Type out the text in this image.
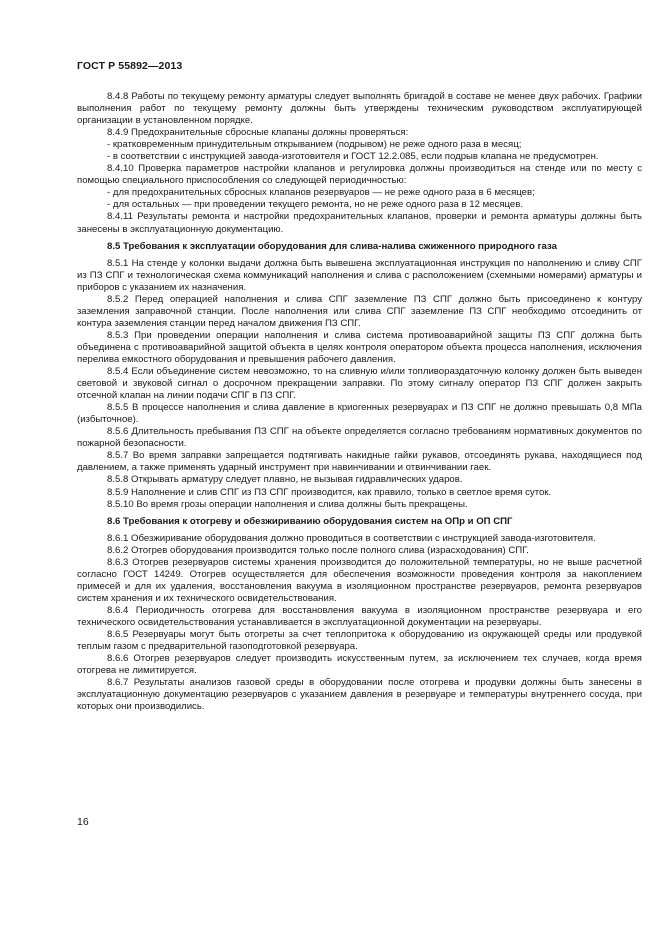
ГОСТ Р 55892—2013
8.4.8 Работы по текущему ремонту арматуры следует выполнять бригадой в составе не менее двух рабочих. Графики выполнения работ по текущему ремонту должны быть утверждены техническим руководством эксплуатирующей организации в установленном порядке.
8.4.9 Предохранительные сбросные клапаны должны проверяться:
- кратковременным принудительным открыванием (подрывом) не реже одного раза в месяц;
- в соответствии с инструкцией завода-изготовителя и ГОСТ 12.2.085, если подрыв клапана не предусмотрен.
8.4.10 Проверка параметров настройки клапанов и регулировка должны производиться на стенде или по месту с помощью специального приспособления со следующей периодичностью:
- для предохранительных сбросных клапанов резервуаров — не реже одного раза в 6 месяцев;
- для остальных — при проведении текущего ремонта, но не реже одного раза в 12 месяцев.
8.4.11 Результаты ремонта и настройки предохранительных клапанов, проверки и ремонта арматуры должны быть занесены в эксплуатационную документацию.
8.5 Требования к эксплуатации оборудования для слива-налива сжиженного природного газа
8.5.1 На стенде у колонки выдачи должна быть вывешена эксплуатационная инструкция по наполнению и сливу СПГ из ПЗ СПГ и технологическая схема коммуникаций наполнения и слива с расположением (схемными номерами) арматуры и приборов с указанием их назначения.
8.5.2 Перед операцией наполнения и слива СПГ заземление ПЗ СПГ должно быть присоединено к контуру заземления заправочной станции. После наполнения или слива СПГ заземление ПЗ СПГ необходимо отсоединить от контура заземления станции перед началом движения ПЗ СПГ.
8.5.3 При проведении операции наполнения и слива система противоаварийной защиты ПЗ СПГ должна быть объединена с противоаварийной защитой объекта в целях контроля оператором объекта процесса наполнения, исключения перелива емкостного оборудования и превышения рабочего давления.
8.5.4 Если объединение систем невозможно, то на сливную и/или топливораздаточную колонку должен быть выведен световой и звуковой сигнал о досрочном прекращении заправки. По этому сигналу оператор ПЗ СПГ должен закрыть отсечной клапан на линии подачи СПГ в ПЗ СПГ.
8.5.5 В процессе наполнения и слива давление в криогенных резервуарах и ПЗ СПГ не должно превышать 0,8 МПа (избыточное).
8.5.6 Длительность пребывания ПЗ СПГ на объекте определяется согласно требованиям нормативных документов по пожарной безопасности.
8.5.7 Во время заправки запрещается подтягивать накидные гайки рукавов, отсоединять рукава, находящиеся под давлением, а также применять ударный инструмент при навинчивании и отвинчивании гаек.
8.5.8 Открывать арматуру следует плавно, не вызывая гидравлических ударов.
8.5.9 Наполнение и слив СПГ из ПЗ СПГ производится, как правило, только в светлое время суток.
8.5.10 Во время грозы операции наполнения и слива должны быть прекращены.
8.6 Требования к отогреву и обезжириванию оборудования систем на ОПр и ОП СПГ
8.6.1 Обезжиривание оборудования должно проводиться в соответствии с инструкцией завода-изготовителя.
8.6.2 Отогрев оборудования производится только после полного слива (израсходования) СПГ.
8.6.3 Отогрев резервуаров системы хранения производится до положительной температуры, но не выше расчетной согласно ГОСТ 14249. Отогрев осуществляется для обеспечения возможности проведения контроля за накоплением примесей и для их удаления, восстановления вакуума в изоляционном пространстве резервуаров, ремонта резервуаров систем хранения и их технического освидетельствования.
8.6.4 Периодичность отогрева для восстановления вакуума в изоляционном пространстве резервуара и его технического освидетельствования устанавливается в эксплуатационной документации на резервуары.
8.6.5 Резервуары могут быть отогреты за счет теплопритока к оборудованию из окружающей среды или продувкой теплым газом с предварительной газоподготовкой резервуара.
8.6.6 Отогрев резервуаров следует производить искусственным путем, за исключением тех случаев, когда время отогрева не лимитируется.
8.6.7 Результаты анализов газовой среды в оборудовании после отогрева и продувки должны быть занесены в эксплуатационную документацию резервуаров с указанием давления в резервуаре и температуры внутреннего сосуда, при которых они производились.
16
